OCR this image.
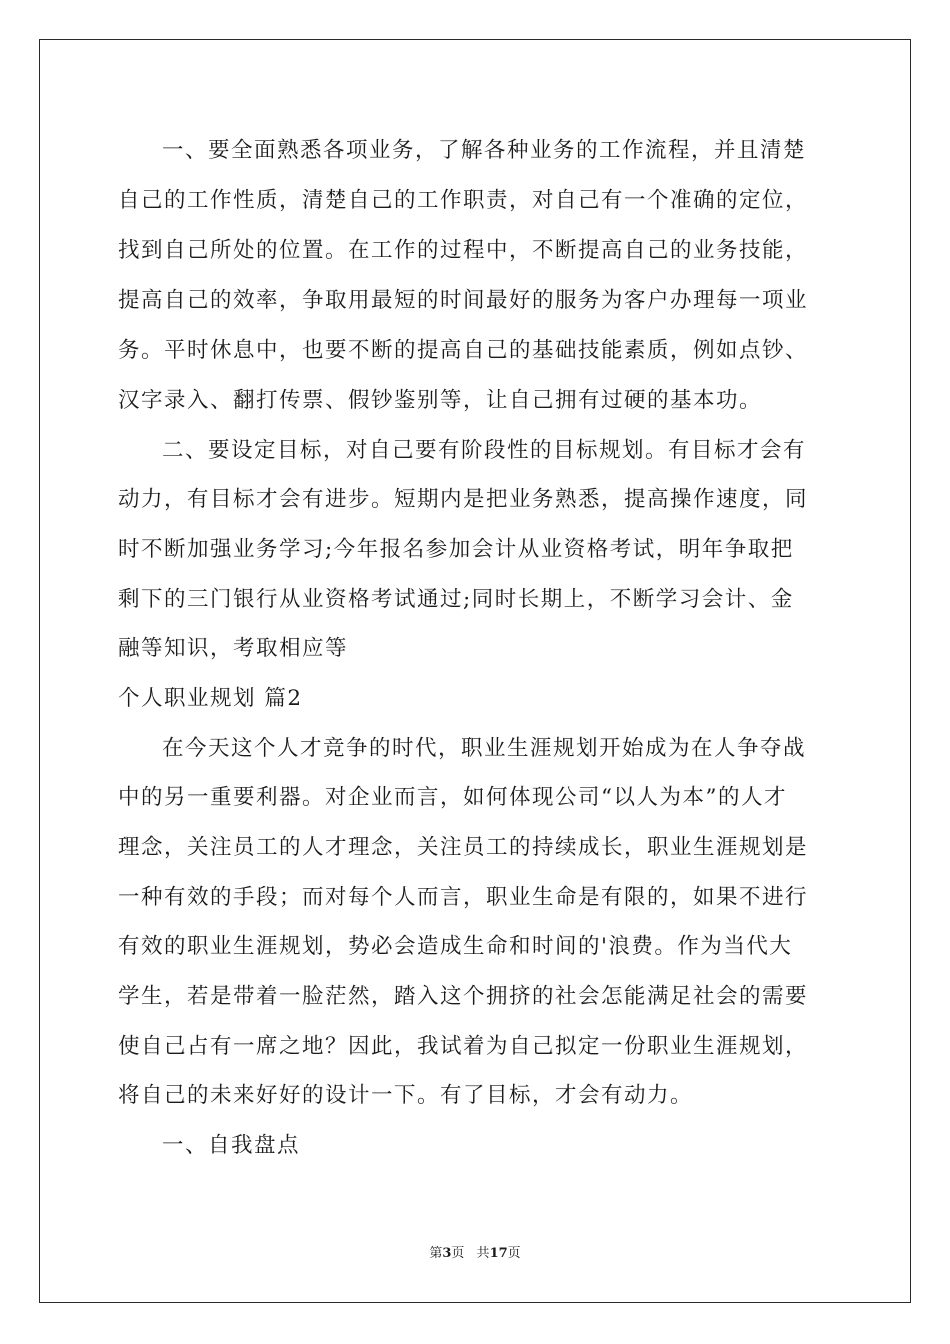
一、要全面熟悉各项业务，了解各种业务的工作流程，并且清楚
自己的工作性质，清楚自己的工作职责，对自己有一个准确的定位，
找到自己所处的位置。在工作的过程中，不断提高自己的业务技能，
提高自己的效率，争取用最短的时间最好的服务为客户办理每一项业
务。平时休息中，也要不断的提高自己的基础技能素质，例如点钞、
汉字录入、翻打传票、假钞鉴别等，让自己拥有过硬的基本功。
二、要设定目标，对自己要有阶段性的目标规划。有目标才会有
动力，有目标才会有进步。短期内是把业务熟悉，提高操作速度，同
时不断加强业务学习;今年报名参加会计从业资格考试，明年争取把
剩下的三门银行从业资格考试通过;同时长期上，不断学习会计、金
融等知识，考取相应等
个人职业规划 篇2
在今天这个人才竞争的时代，职业生涯规划开始成为在人争夺战
中的另一重要利器。对企业而言，如何体现公司“以人为本”的人才
理念，关注员工的人才理念，关注员工的持续成长，职业生涯规划是
一种有效的手段；而对每个人而言，职业生命是有限的，如果不进行
有效的职业生涯规划，势必会造成生命和时间的'浪费。作为当代大
学生，若是带着一脸茫然，踏入这个拥挤的社会怎能满足社会的需要
使自己占有一席之地？因此，我试着为自己拟定一份职业生涯规划，
将自己的未来好好的设计一下。有了目标，才会有动力。
一、自我盘点
第3页 共17页
